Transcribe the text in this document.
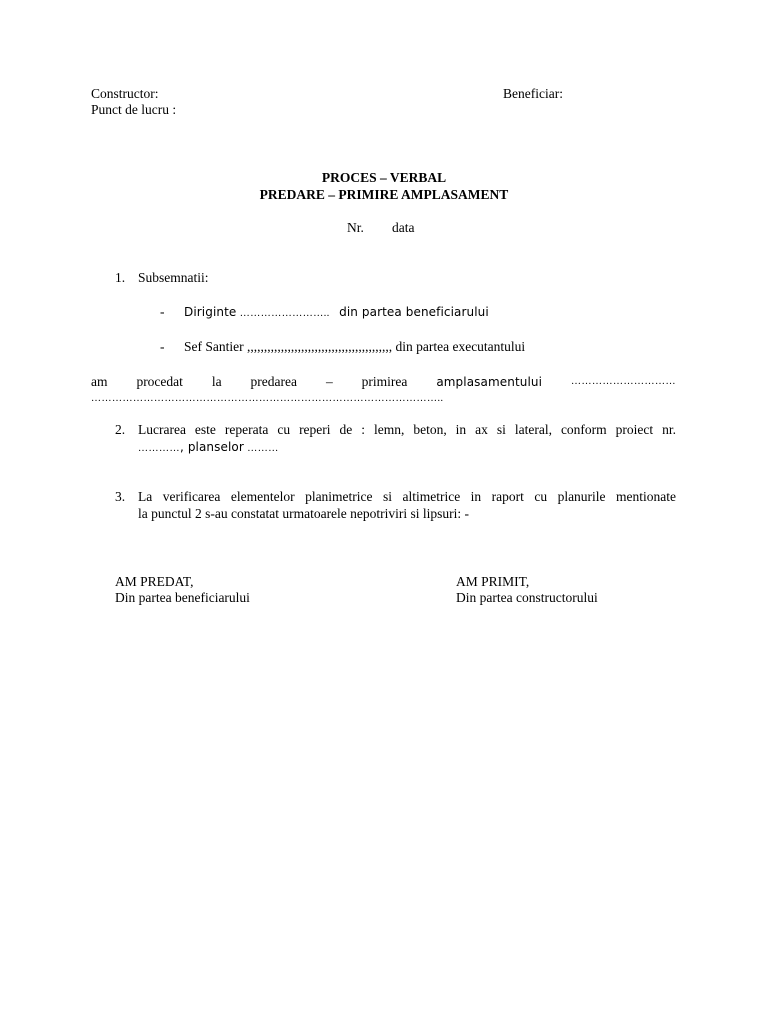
Constructor:
Punct de lucru :
Beneficiar:
PROCES – VERBAL
PREDARE – PRIMIRE AMPLASAMENT
Nr. data
1. Subsemnatii:
- Diriginte …………………….. din partea beneficiarului
- Sef Santier ,,,,,,,,,,,,,,,,,,,,,,,,,,,,,,,,,,,,,,,,,,, din partea executantului
am procedat la predarea – primirea amplasamentului	…………………………
………………………………………………………………………………………..
2. Lucrarea este reperata cu reperi de : lemn, beton, in ax si lateral, conform proiect nr.
…………, planselor ………
3. La verificarea elementelor planimetrice si altimetrice in raport cu planurile mentionate
la punctul 2 s-au constatat urmatoarele nepotriviri si lipsuri: -
AM PREDAT,
Din partea beneficiarului
AM PRIMIT,
Din partea constructorului
